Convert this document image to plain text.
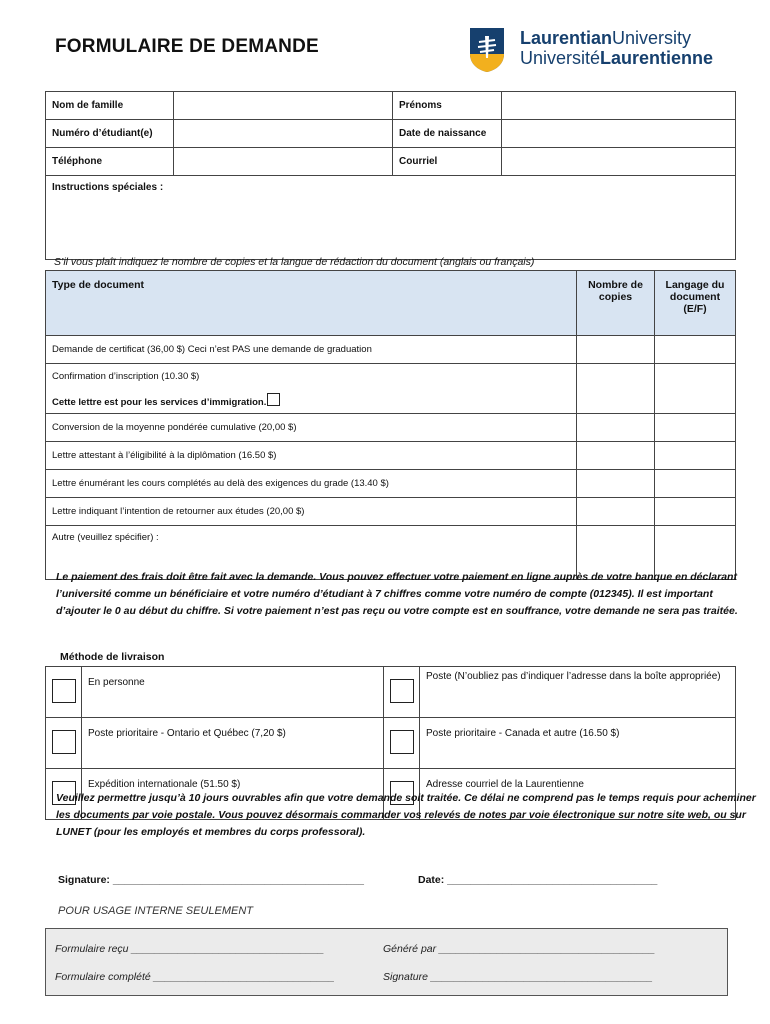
FORMULAIRE DE DEMANDE	LaurentianUniversity
UniversitéLaurentienne
Nom de famille		Prénoms	
Numéro d’étudiant(e)		Date de naissance	
Téléphone		Courriel	
Instructions spéciales :			
S’il vous plaît indiquez le nombre de copies et la langue de rédaction du document (anglais ou français)
Type de document	Nombre de copies	Langage du document (E/F)
Demande de certificat (36,00 $) Ceci n’est PAS une demande de graduation		

Confirmation d’inscription (10.30 $)
Cette lettre est pour les services d’immigration.		

Conversion de la moyenne pondérée cumulative (20,00 $)		
Lettre attestant à l’éligibilité à la diplômation (16.50 $)		
Lettre énumérant les cours complétés au delà des exigences du grade (13.40 $)		
Lettre indiquant l’intention de retourner aux études (20,00 $)		
Autre (veuillez spécifier) :		
Le paiement des frais doit être fait avec la demande. Vous pouvez effectuer votre paiement en ligne auprès de votre banque en déclarant l’université comme un bénéficiaire et votre numéro d’étudiant à 7 chiffres comme votre numéro de compte (012345). Il est important d’ajouter le 0 au début du chiffre. Si votre paiement n’est pas reçu ou votre compte est en souffrance, votre demande ne sera pas traitée.
Méthode de livraison
	En personne		Poste (N’oubliez pas d’indiquer l’adresse dans la boîte appropriée)
	Poste prioritaire - Ontario et Québec (7,20 $)		Poste prioritaire - Canada et autre (16.50 $)
	Expédition internationale (51.50 $)		Adresse courriel de la Laurentienne
Veuillez permettre jusqu’à 10 jours ouvrables afin que votre demande soit traitée. Ce délai ne comprend pas le temps requis pour acheminer les documents par voie postale. Vous pouvez désormais commander vos relevés de notes par voie électronique sur notre site web, ou sur LUNET (pour les employés et membres du corps professoral).
Signature: ___________________________________________	Date: ____________________________________
POUR USAGE INTERNE SEULEMENT
Formulaire reçu _________________________________	Généré par _____________________________________
Formulaire complété _______________________________	Signature ______________________________________
